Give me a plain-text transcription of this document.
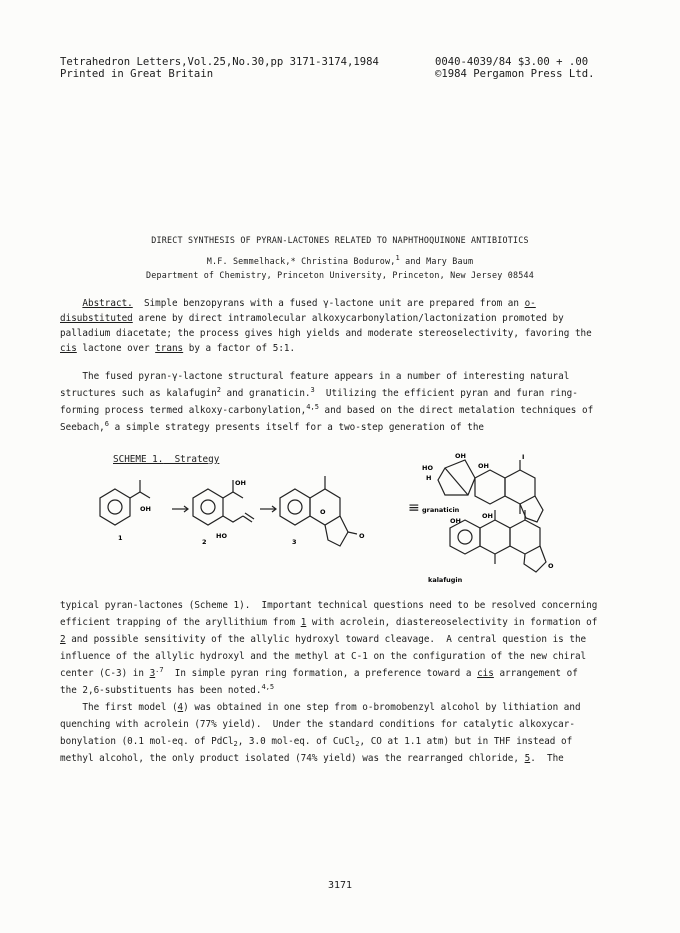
Tetrahedron Letters,Vol.25,No.30,pp 3171-3174,1984	0040-4039/84 $3.00 + .00
Printed in Great Britain	©1984 Pergamon Press Ltd.
DIRECT SYNTHESIS OF PYRAN-LACTONES RELATED TO NAPHTHOQUINONE ANTIBIOTICS
M.F. Semmelhack,* Christina Bodurow,$^1$ and Mary Baum
Department of Chemistry, Princeton University, Princeton, New Jersey 08544
Abstract.  Simple benzopyrans with a fused γ-lactone unit are prepared from an o-
disubstituted arene by direct intramolecular alkoxycarbonylation/lactonization promoted by
palladium diacetate; the process gives high yields and moderate stereoselectivity, favoring the
cis lactone over trans by a factor of 5:1.
The fused pyran-γ-lactone structural feature appears in a number of interesting natural
structures such as kalafugin$^2$ and granaticin.$^3$  Utilizing the efficient pyran and furan ring-
forming process termed alkoxy-carbonylation,$^{4,5}$ and based on the direct metalation techniques of
Seebach,$^6$ a simple strategy presents itself for a two-step generation of the
SCHEME 1.  Strategy
OH
OH
HO
O
O
1	2	3
≡
OH
HO
H
OH
OH
I
granaticin
OH
O
kalafugin
typical pyran-lactones (Scheme 1).  Important technical questions need to be resolved concerning
efficient trapping of the aryllithium from 1 with acrolein, diastereoselectivity in formation of
2 and possible sensitivity of the allylic hydroxyl toward cleavage.  A central question is the
influence of the allylic hydroxyl and the methyl at C-1 on the configuration of the new chiral
center (C-3) in $3^{.7}$  In simple pyran ring formation, a preference toward a cis arrangement of
the 2,6-substituents has been noted.$^{4,5}$
The first model (4) was obtained in one step from o-bromobenzyl alcohol by lithiation and
quenching with acrolein (77% yield).  Under the standard conditions for catalytic alkoxycar-
bonylation (0.1 mol-eq. of PdCl$_2$, 3.0 mol-eq. of CuCl$_2$, CO at 1.1 atm) but in THF instead of
methyl alcohol, the only product isolated (74% yield) was the rearranged chloride, 5.  The
3171
